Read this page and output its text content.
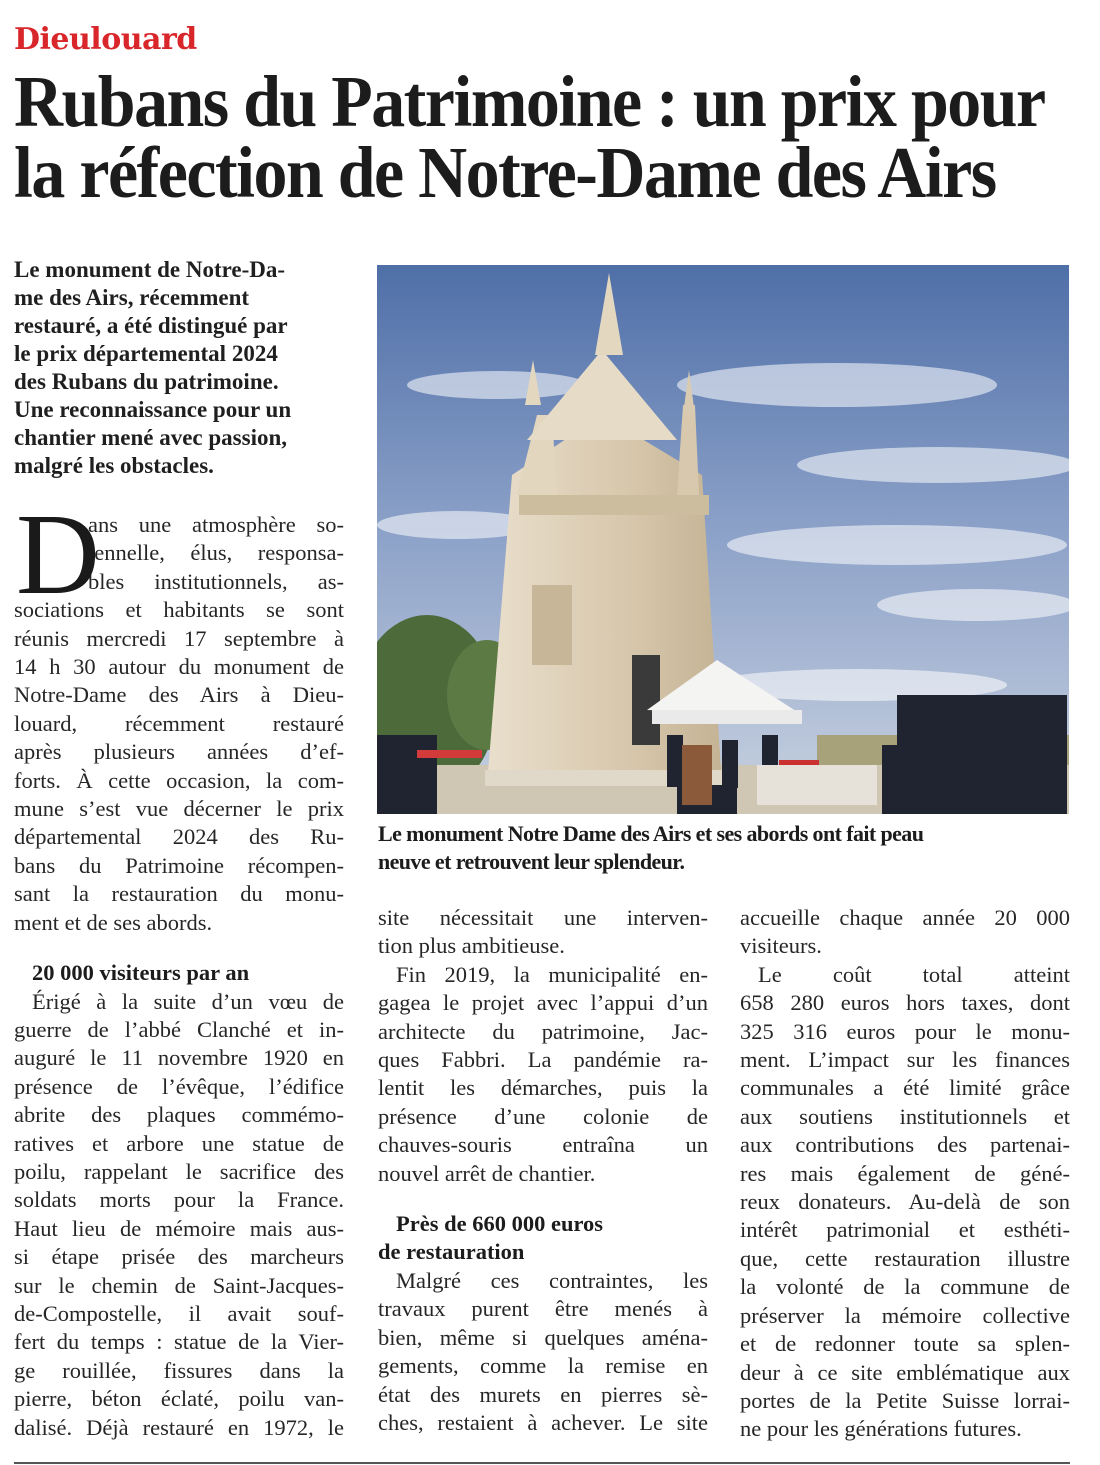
Dieulouard
Rubans du Patrimoine : un prix pour
la réfection de Notre-Dame des Airs
Le monument de Notre-Da-
me des Airs, récemment
restauré, a été distingué par
le prix départemental 2024
des Rubans du patrimoine.
Une reconnaissance pour un
chantier mené avec passion,
malgré les obstacles.
Le monument Notre Dame des Airs et ses abords ont fait peau
neuve et retrouvent leur splendeur.
D
ans une atmosphère so-
lennelle, élus, responsa-
bles institutionnels, as-
sociations et habitants se sont
réunis mercredi 17 septembre à
14 h 30 autour du monument de
Notre-Dame des Airs à Dieu-
louard, récemment restauré
après plusieurs années d’ef-
forts. À cette occasion, la com-
mune s’est vue décerner le prix
départemental 2024 des Ru-
bans du Patrimoine récompen-
sant la restauration du monu-
ment et de ses abords.
20 000 visiteurs par an
Érigé à la suite d’un vœu de
guerre de l’abbé Clanché et in-
auguré le 11 novembre 1920 en
présence de l’évêque, l’édifice
abrite des plaques commémo-
ratives et arbore une statue de
poilu, rappelant le sacrifice des
soldats morts pour la France.
Haut lieu de mémoire mais aus-
si étape prisée des marcheurs
sur le chemin de Saint-Jacques-
de-Compostelle, il avait souf-
fert du temps : statue de la Vier-
ge rouillée, fissures dans la
pierre, béton éclaté, poilu van-
dalisé. Déjà restauré en 1972, le
site nécessitait une interven-
tion plus ambitieuse.
Fin 2019, la municipalité en-
gagea le projet avec l’appui d’un
architecte du patrimoine, Jac-
ques Fabbri. La pandémie ra-
lentit les démarches, puis la
présence d’une colonie de
chauves-souris entraîna un
nouvel arrêt de chantier.
Près de 660 000 euros
de restauration
Malgré ces contraintes, les
travaux purent être menés à
bien, même si quelques aména-
gements, comme la remise en
état des murets en pierres sè-
ches, restaient à achever. Le site
accueille chaque année 20 000
visiteurs.
Le coût total atteint
658 280 euros hors taxes, dont
325 316 euros pour le monu-
ment. L’impact sur les finances
communales a été limité grâce
aux soutiens institutionnels et
aux contributions des partenai-
res mais également de géné-
reux donateurs. Au-delà de son
intérêt patrimonial et esthéti-
que, cette restauration illustre
la volonté de la commune de
préserver la mémoire collective
et de redonner toute sa splen-
deur à ce site emblématique aux
portes de la Petite Suisse lorrai-
ne pour les générations futures.
